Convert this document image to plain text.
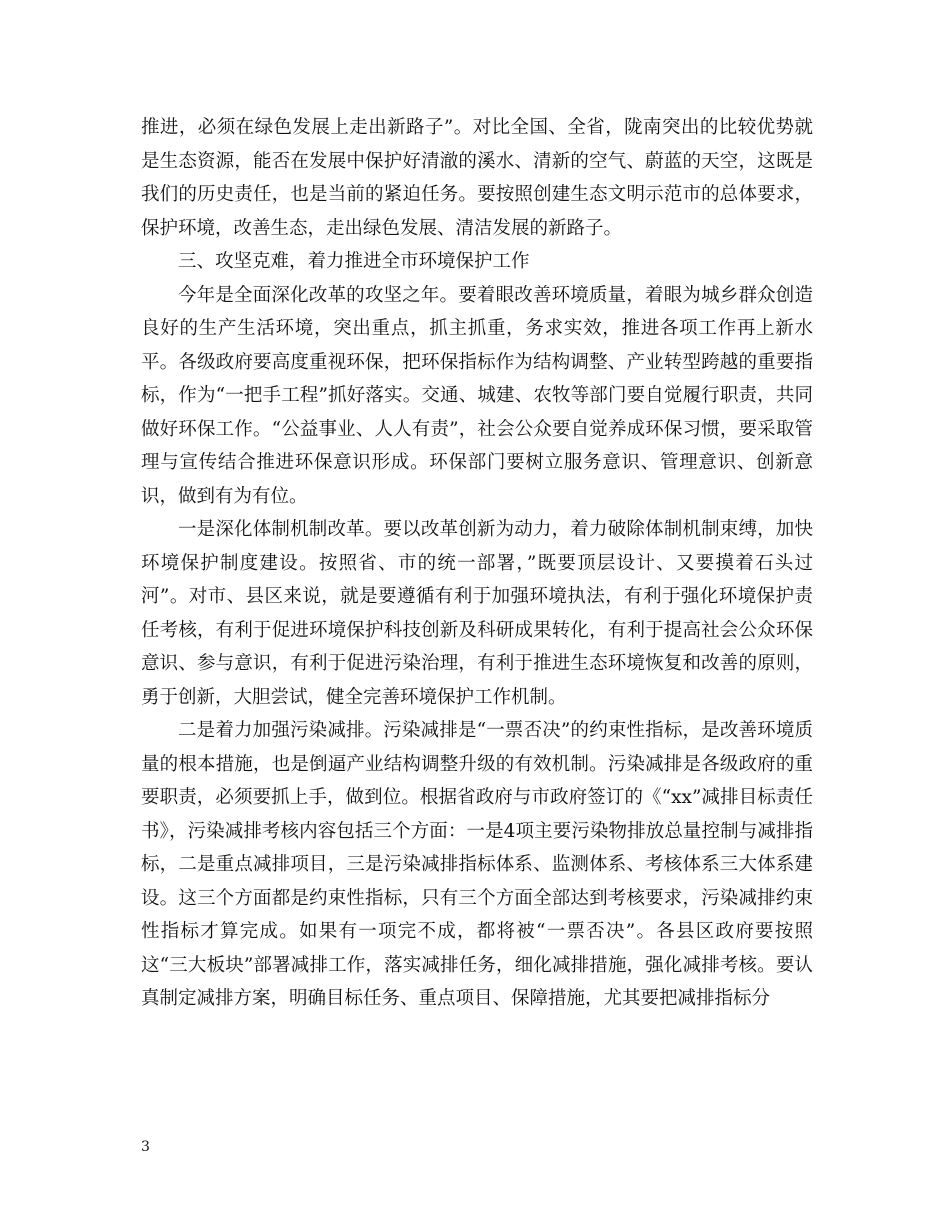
推进，必须在绿色发展上走出新路子”。对比全国、全省，陇南突出的比较优势就是生态资源，能否在发展中保护好清澈的溪水、清新的空气、蔚蓝的天空，这既是我们的历史责任，也是当前的紧迫任务。要按照创建生态文明示范市的总体要求，保护环境，改善生态，走出绿色发展、清洁发展的新路子。

三、攻坚克难，着力推进全市环境保护工作

今年是全面深化改革的攻坚之年。要着眼改善环境质量，着眼为城乡群众创造良好的生产生活环境，突出重点，抓主抓重，务求实效，推进各项工作再上新水平。各级政府要高度重视环保，把环保指标作为结构调整、产业转型跨越的重要指标，作为“一把手工程”抓好落实。交通、城建、农牧等部门要自觉履行职责，共同做好环保工作。“公益事业、人人有责”，社会公众要自觉养成环保习惯，要采取管理与宣传结合推进环保意识形成。环保部门要树立服务意识、管理意识、创新意识，做到有为有位。

一是深化体制机制改革。要以改革创新为动力，着力破除体制机制束缚，加快环境保护制度建设。按照省、市的统一部署，”既要顶层设计、又要摸着石头过河”。对市、县区来说，就是要遵循有利于加强环境执法，有利于强化环境保护责任考核，有利于促进环境保护科技创新及科研成果转化，有利于提高社会公众环保意识、参与意识，有利于促进污染治理，有利于推进生态环境恢复和改善的原则，勇于创新，大胆尝试，健全完善环境保护工作机制。

二是着力加强污染减排。污染减排是“一票否决”的约束性指标，是改善环境质量的根本措施，也是倒逼产业结构调整升级的有效机制。污染减排是各级政府的重要职责，必须要抓上手，做到位。根据省政府与市政府签订的《“xx”减排目标责任书》，污染减排考核内容包括三个方面：一是4项主要污染物排放总量控制与减排指标，二是重点减排项目，三是污染减排指标体系、监测体系、考核体系三大体系建设。这三个方面都是约束性指标，只有三个方面全部达到考核要求，污染减排约束性指标才算完成。如果有一项完不成，都将被“一票否决”。各县区政府要按照这“三大板块”部署减排工作，落实减排任务，细化减排措施，强化减排考核。要认真制定减排方案，明确目标任务、重点项目、保障措施，尤其要把减排指标分

3
